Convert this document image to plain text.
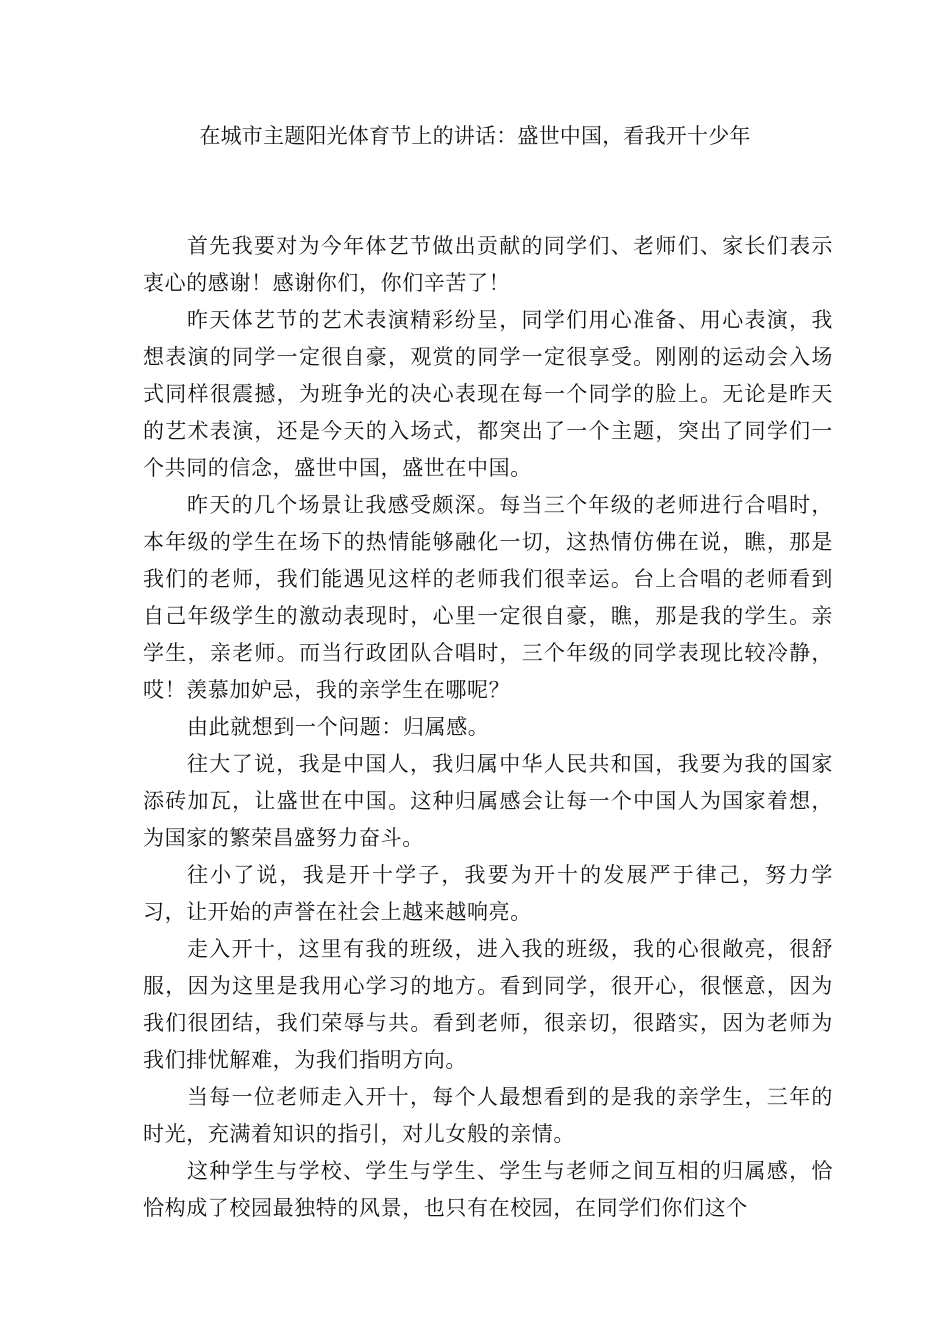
在城市主题阳光体育节上的讲话：盛世中国，看我开十少年

首先我要对为今年体艺节做出贡献的同学们、老师们、家长们表示衷心的感谢！感谢你们，你们辛苦了！

昨天体艺节的艺术表演精彩纷呈，同学们用心准备、用心表演，我想表演的同学一定很自豪，观赏的同学一定很享受。刚刚的运动会入场式同样很震撼，为班争光的决心表现在每一个同学的脸上。无论是昨天的艺术表演，还是今天的入场式，都突出了一个主题，突出了同学们一个共同的信念，盛世中国，盛世在中国。

昨天的几个场景让我感受颇深。每当三个年级的老师进行合唱时，本年级的学生在场下的热情能够融化一切，这热情仿佛在说，瞧，那是我们的老师，我们能遇见这样的老师我们很幸运。台上合唱的老师看到自己年级学生的激动表现时，心里一定很自豪，瞧，那是我的学生。亲学生，亲老师。而当行政团队合唱时，三个年级的同学表现比较冷静，哎！羡慕加妒忌，我的亲学生在哪呢？

由此就想到一个问题：归属感。

往大了说，我是中国人，我归属中华人民共和国，我要为我的国家添砖加瓦，让盛世在中国。这种归属感会让每一个中国人为国家着想，为国家的繁荣昌盛努力奋斗。

往小了说，我是开十学子，我要为开十的发展严于律己，努力学习，让开始的声誉在社会上越来越响亮。

走入开十，这里有我的班级，进入我的班级，我的心很敞亮，很舒服，因为这里是我用心学习的地方。看到同学，很开心，很惬意，因为我们很团结，我们荣辱与共。看到老师，很亲切，很踏实，因为老师为我们排忧解难，为我们指明方向。

当每一位老师走入开十，每个人最想看到的是我的亲学生，三年的时光，充满着知识的指引，对儿女般的亲情。

这种学生与学校、学生与学生、学生与老师之间互相的归属感，恰恰构成了校园最独特的风景，也只有在校园，在同学们你们这个
